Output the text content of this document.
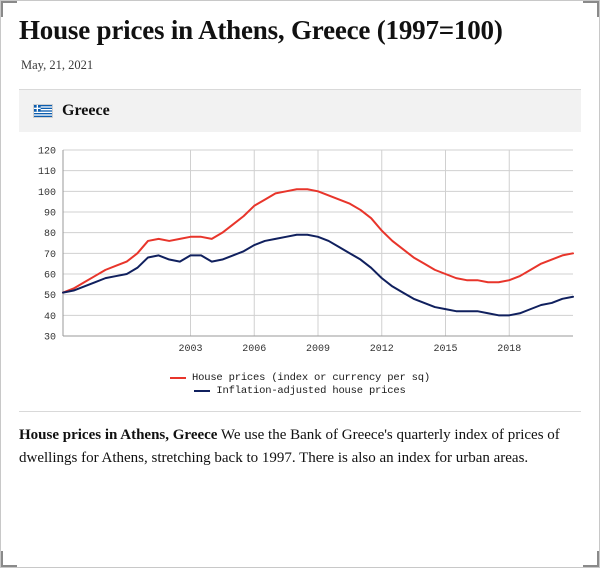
House prices in Athens, Greece (1997=100)
May, 21, 2021
Greece
30
40
50
60
70
80
90
100
110
120
2003	2006	2009	2012	2015	2018
House prices (index or currency per sq)
Inflation-adjusted house prices

House prices in Athens, Greece We use the Bank of Greece's quarterly index of prices of dwellings for Athens, stretching back to 1997. There is also an index for urban areas.
